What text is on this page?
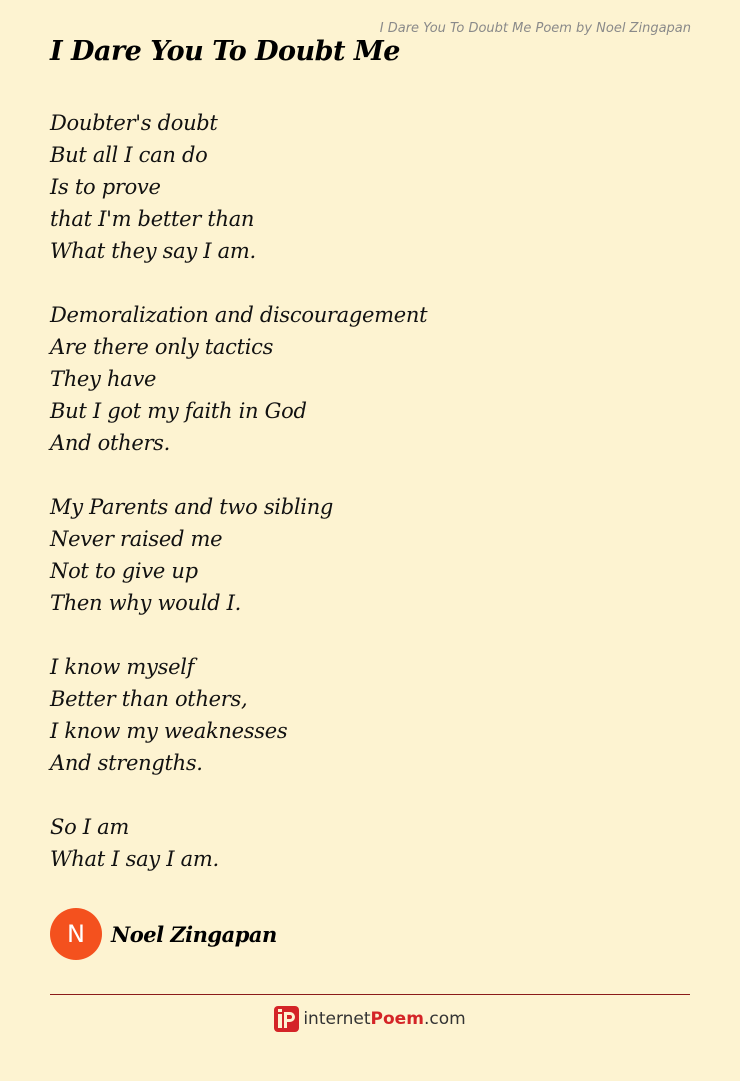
I Dare You To Doubt Me Poem by Noel Zingapan
I Dare You To Doubt Me
Doubter's doubt
But all I can do
Is to prove
that I'm better than
What they say I am.
Demoralization and discouragement
Are there only tactics
They have
But I got my faith in God
And others.
My Parents and two sibling
Never raised me
Not to give up
Then why would I.
I know myself
Better than others,
I know my weaknesses
And strengths.
So I am
What I say I am.
N	Noel Zingapan
internetPoem.com
